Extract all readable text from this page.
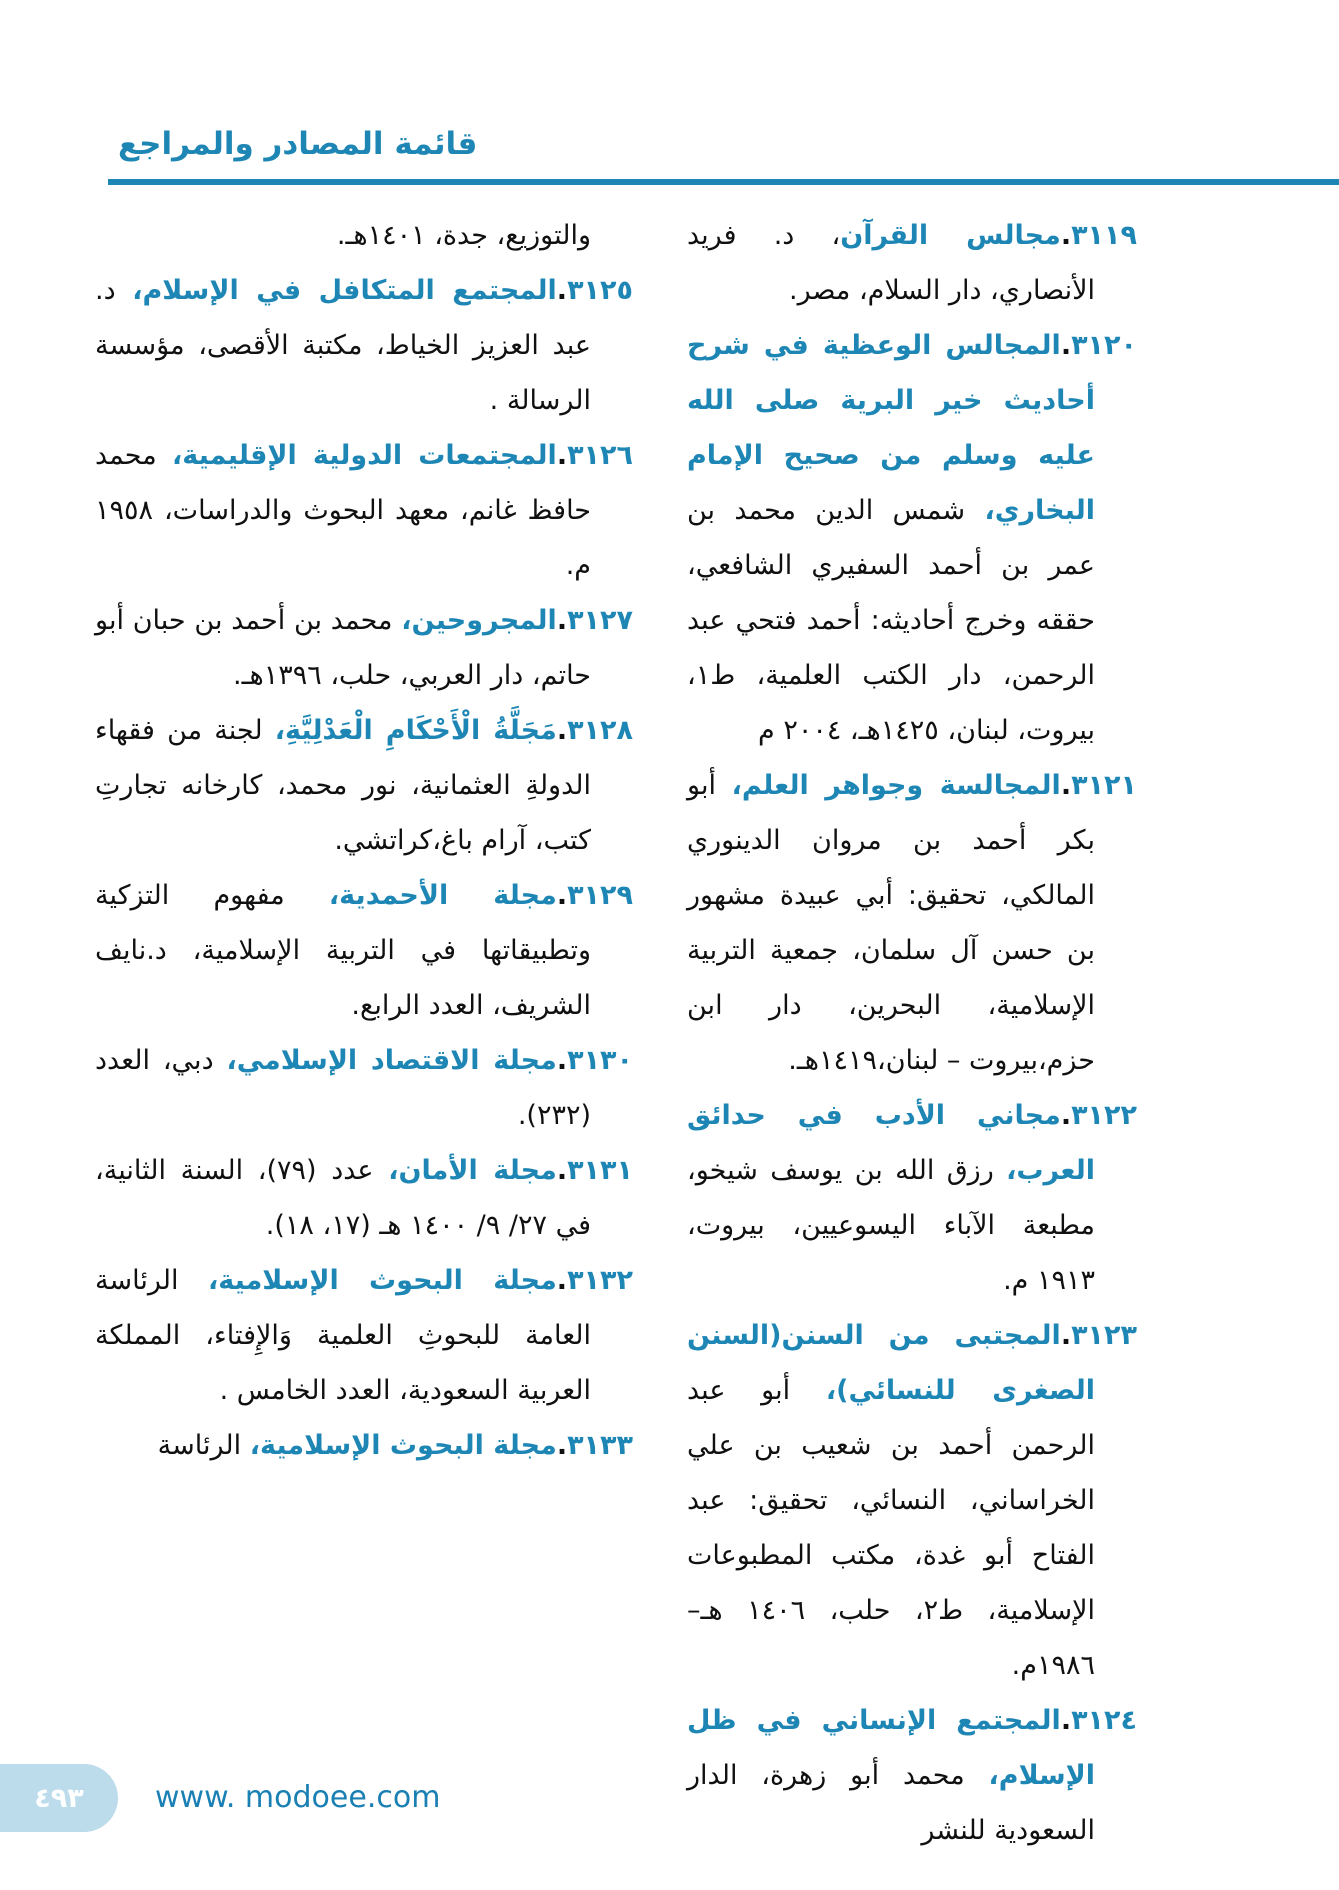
قائمة المصادر والمراجع
٣١١٩.مجالس القرآن، د. فريد الأنصاري، دار السلام، مصر.
٣١٢٠.المجالس الوعظية في شرح أحاديث خير البرية صلى الله عليه وسلم من صحيح الإمام البخاري، شمس الدين محمد بن عمر بن أحمد السفيري الشافعي، حققه وخرج أحاديثه: أحمد فتحي عبد الرحمن، دار الكتب العلمية، ط١، بيروت، لبنان، ١٤٢٥هـ، ٢٠٠٤ م
٣١٢١.المجالسة وجواهر العلم، أبو بكر أحمد بن مروان الدينوري المالكي، تحقيق: أبي عبيدة مشهور بن حسن آل سلمان، جمعية التربية الإسلامية، البحرين، دار ابن حزم،بيروت – لبنان،١٤١٩هـ.
٣١٢٢.مجاني الأدب في حدائق العرب، رزق الله بن يوسف شيخو، مطبعة الآباء اليسوعيين، بيروت، ١٩١٣ م.
٣١٢٣.المجتبى من السنن(السنن الصغرى للنسائي)، أبو عبد الرحمن أحمد بن شعيب بن علي الخراساني، النسائي، تحقيق: عبد الفتاح أبو غدة، مكتب المطبوعات الإسلامية، ط٢، حلب، ١٤٠٦ هـ–١٩٨٦م.
٣١٢٤.المجتمع الإنساني في ظل الإسلام، محمد أبو زهرة، الدار السعودية للنشر
والتوزيع، جدة، ١٤٠١هـ.
٣١٢٥.المجتمع المتكافل في الإسلام، د. عبد العزيز الخياط، مكتبة الأقصى، مؤسسة الرسالة .
٣١٢٦.المجتمعات الدولية الإقليمية، محمد حافظ غانم، معهد البحوث والدراسات، ١٩٥٨ م.
٣١٢٧.المجروحين، محمد بن أحمد بن حبان أبو حاتم، دار العربي، حلب، ١٣٩٦هـ.
٣١٢٨.مَجَلَّةُ الْأَحْكَامِ الْعَدْلِيَّةِ، لجنة من فقهاء الدولةِ العثمانية، نور محمد، كارخانه تجارتِ كتب، آرام باغ،كراتشي.
٣١٢٩.مجلة الأحمدية، مفهوم التزكية وتطبيقاتها في التربية الإسلامية، د.نايف الشريف، العدد الرابع.
٣١٣٠.مجلة الاقتصاد الإسلامي، دبي، العدد (٢٣٢).
٣١٣١.مجلة الأمان، عدد (٧٩)، السنة الثانية، في ٢٧/ ٩/ ١٤٠٠ هـ (١٧، ١٨).
٣١٣٢.مجلة البحوث الإسلامية، الرئاسة العامة للبحوثِ العلمية وَالإِفتاء، المملكة العربية السعودية، العدد الخامس .
٣١٣٣.مجلة البحوث الإسلامية، الرئاسة
٤٩٣ www. modoee.com
